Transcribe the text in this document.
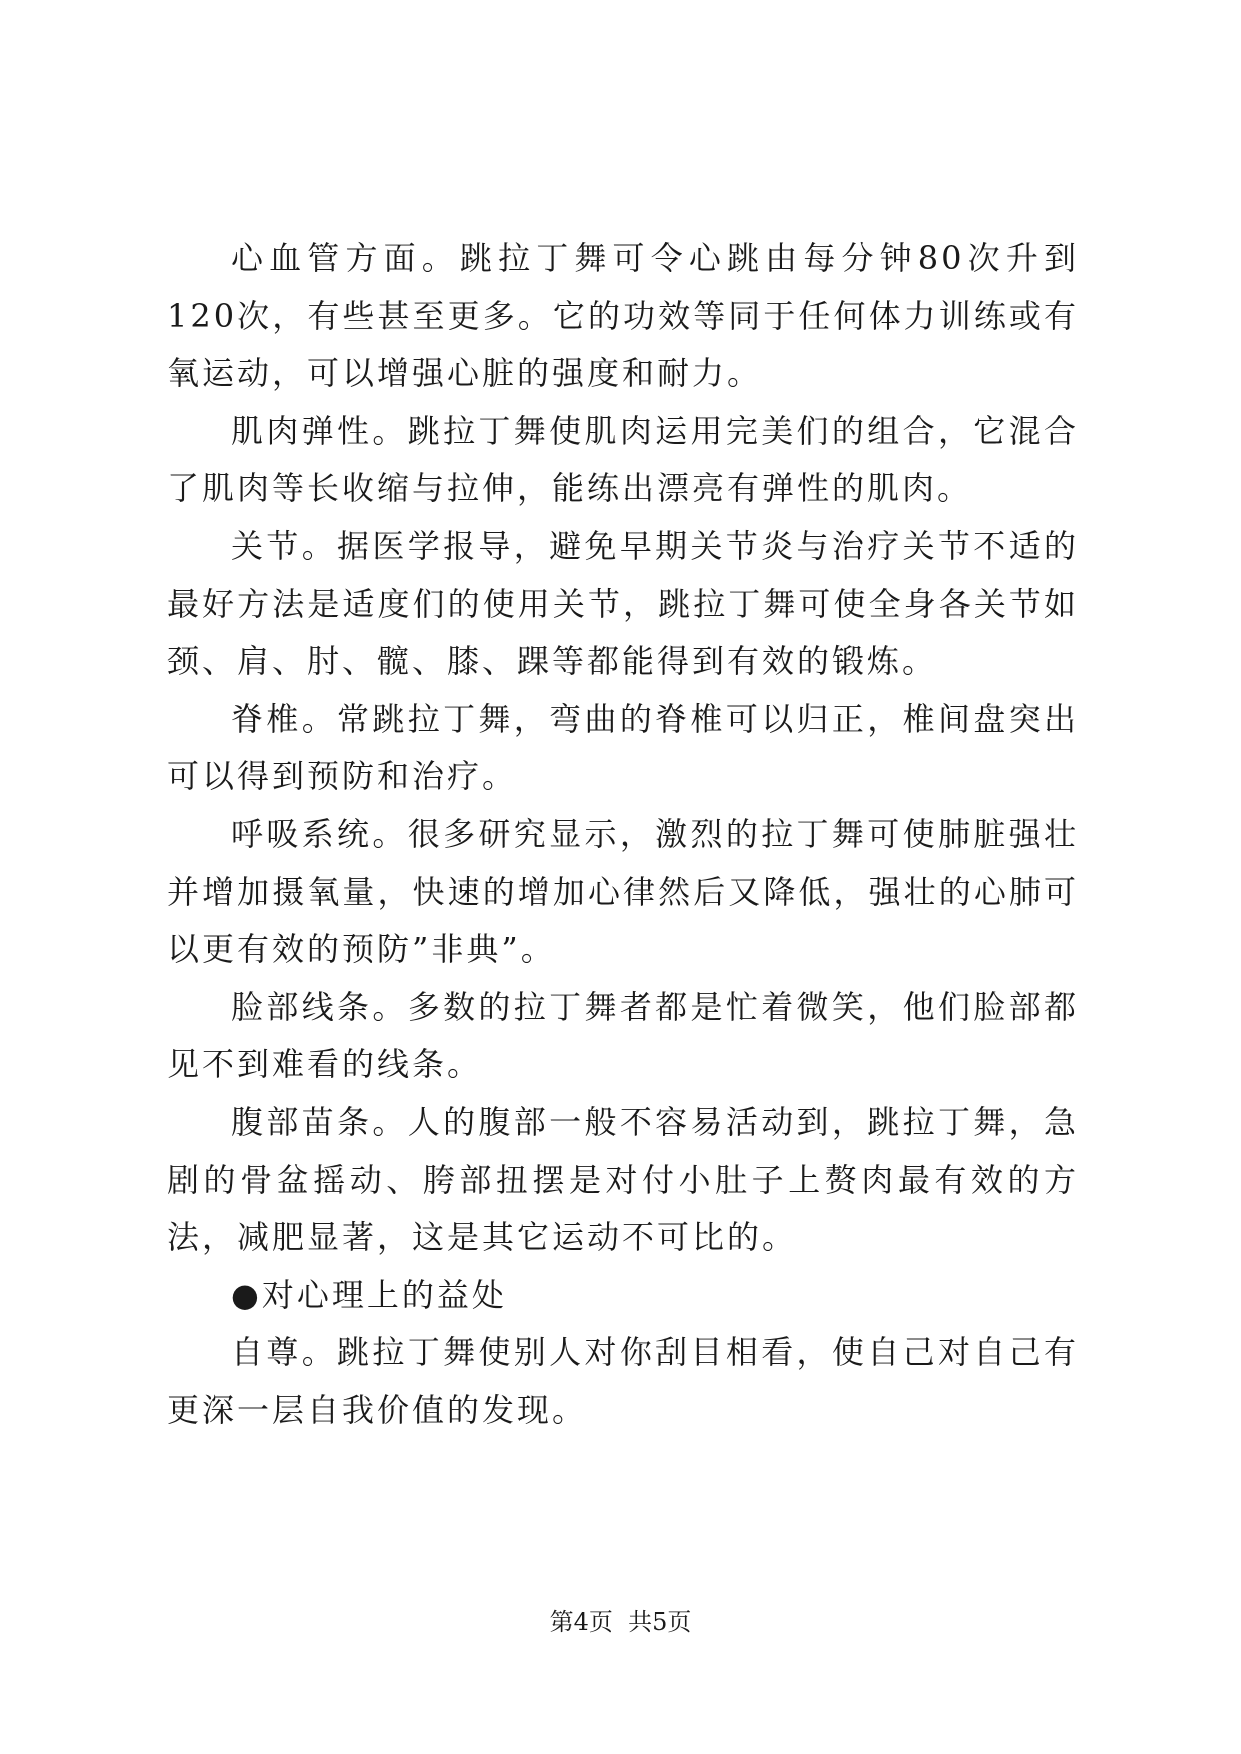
心血管方面。跳拉丁舞可令心跳由每分钟80次升到120次，有些甚至更多。它的功效等同于任何体力训练或有氧运动，可以增强心脏的强度和耐力。

肌肉弹性。跳拉丁舞使肌肉运用完美们的组合，它混合了肌肉等长收缩与拉伸，能练出漂亮有弹性的肌肉。

关节。据医学报导，避免早期关节炎与治疗关节不适的最好方法是适度们的使用关节，跳拉丁舞可使全身各关节如颈、肩、肘、髋、膝、踝等都能得到有效的锻炼。

脊椎。常跳拉丁舞，弯曲的脊椎可以归正，椎间盘突出可以得到预防和治疗。

呼吸系统。很多研究显示，激烈的拉丁舞可使肺脏强壮并增加摄氧量，快速的增加心律然后又降低，强壮的心肺可以更有效的预防”非典”。

脸部线条。多数的拉丁舞者都是忙着微笑，他们脸部都见不到难看的线条。

腹部苗条。人的腹部一般不容易活动到，跳拉丁舞，急剧的骨盆摇动、胯部扭摆是对付小肚子上赘肉最有效的方法，减肥显著，这是其它运动不可比的。

●对心理上的益处

自尊。跳拉丁舞使别人对你刮目相看，使自己对自己有更深一层自我价值的发现。

第4页  共5页
